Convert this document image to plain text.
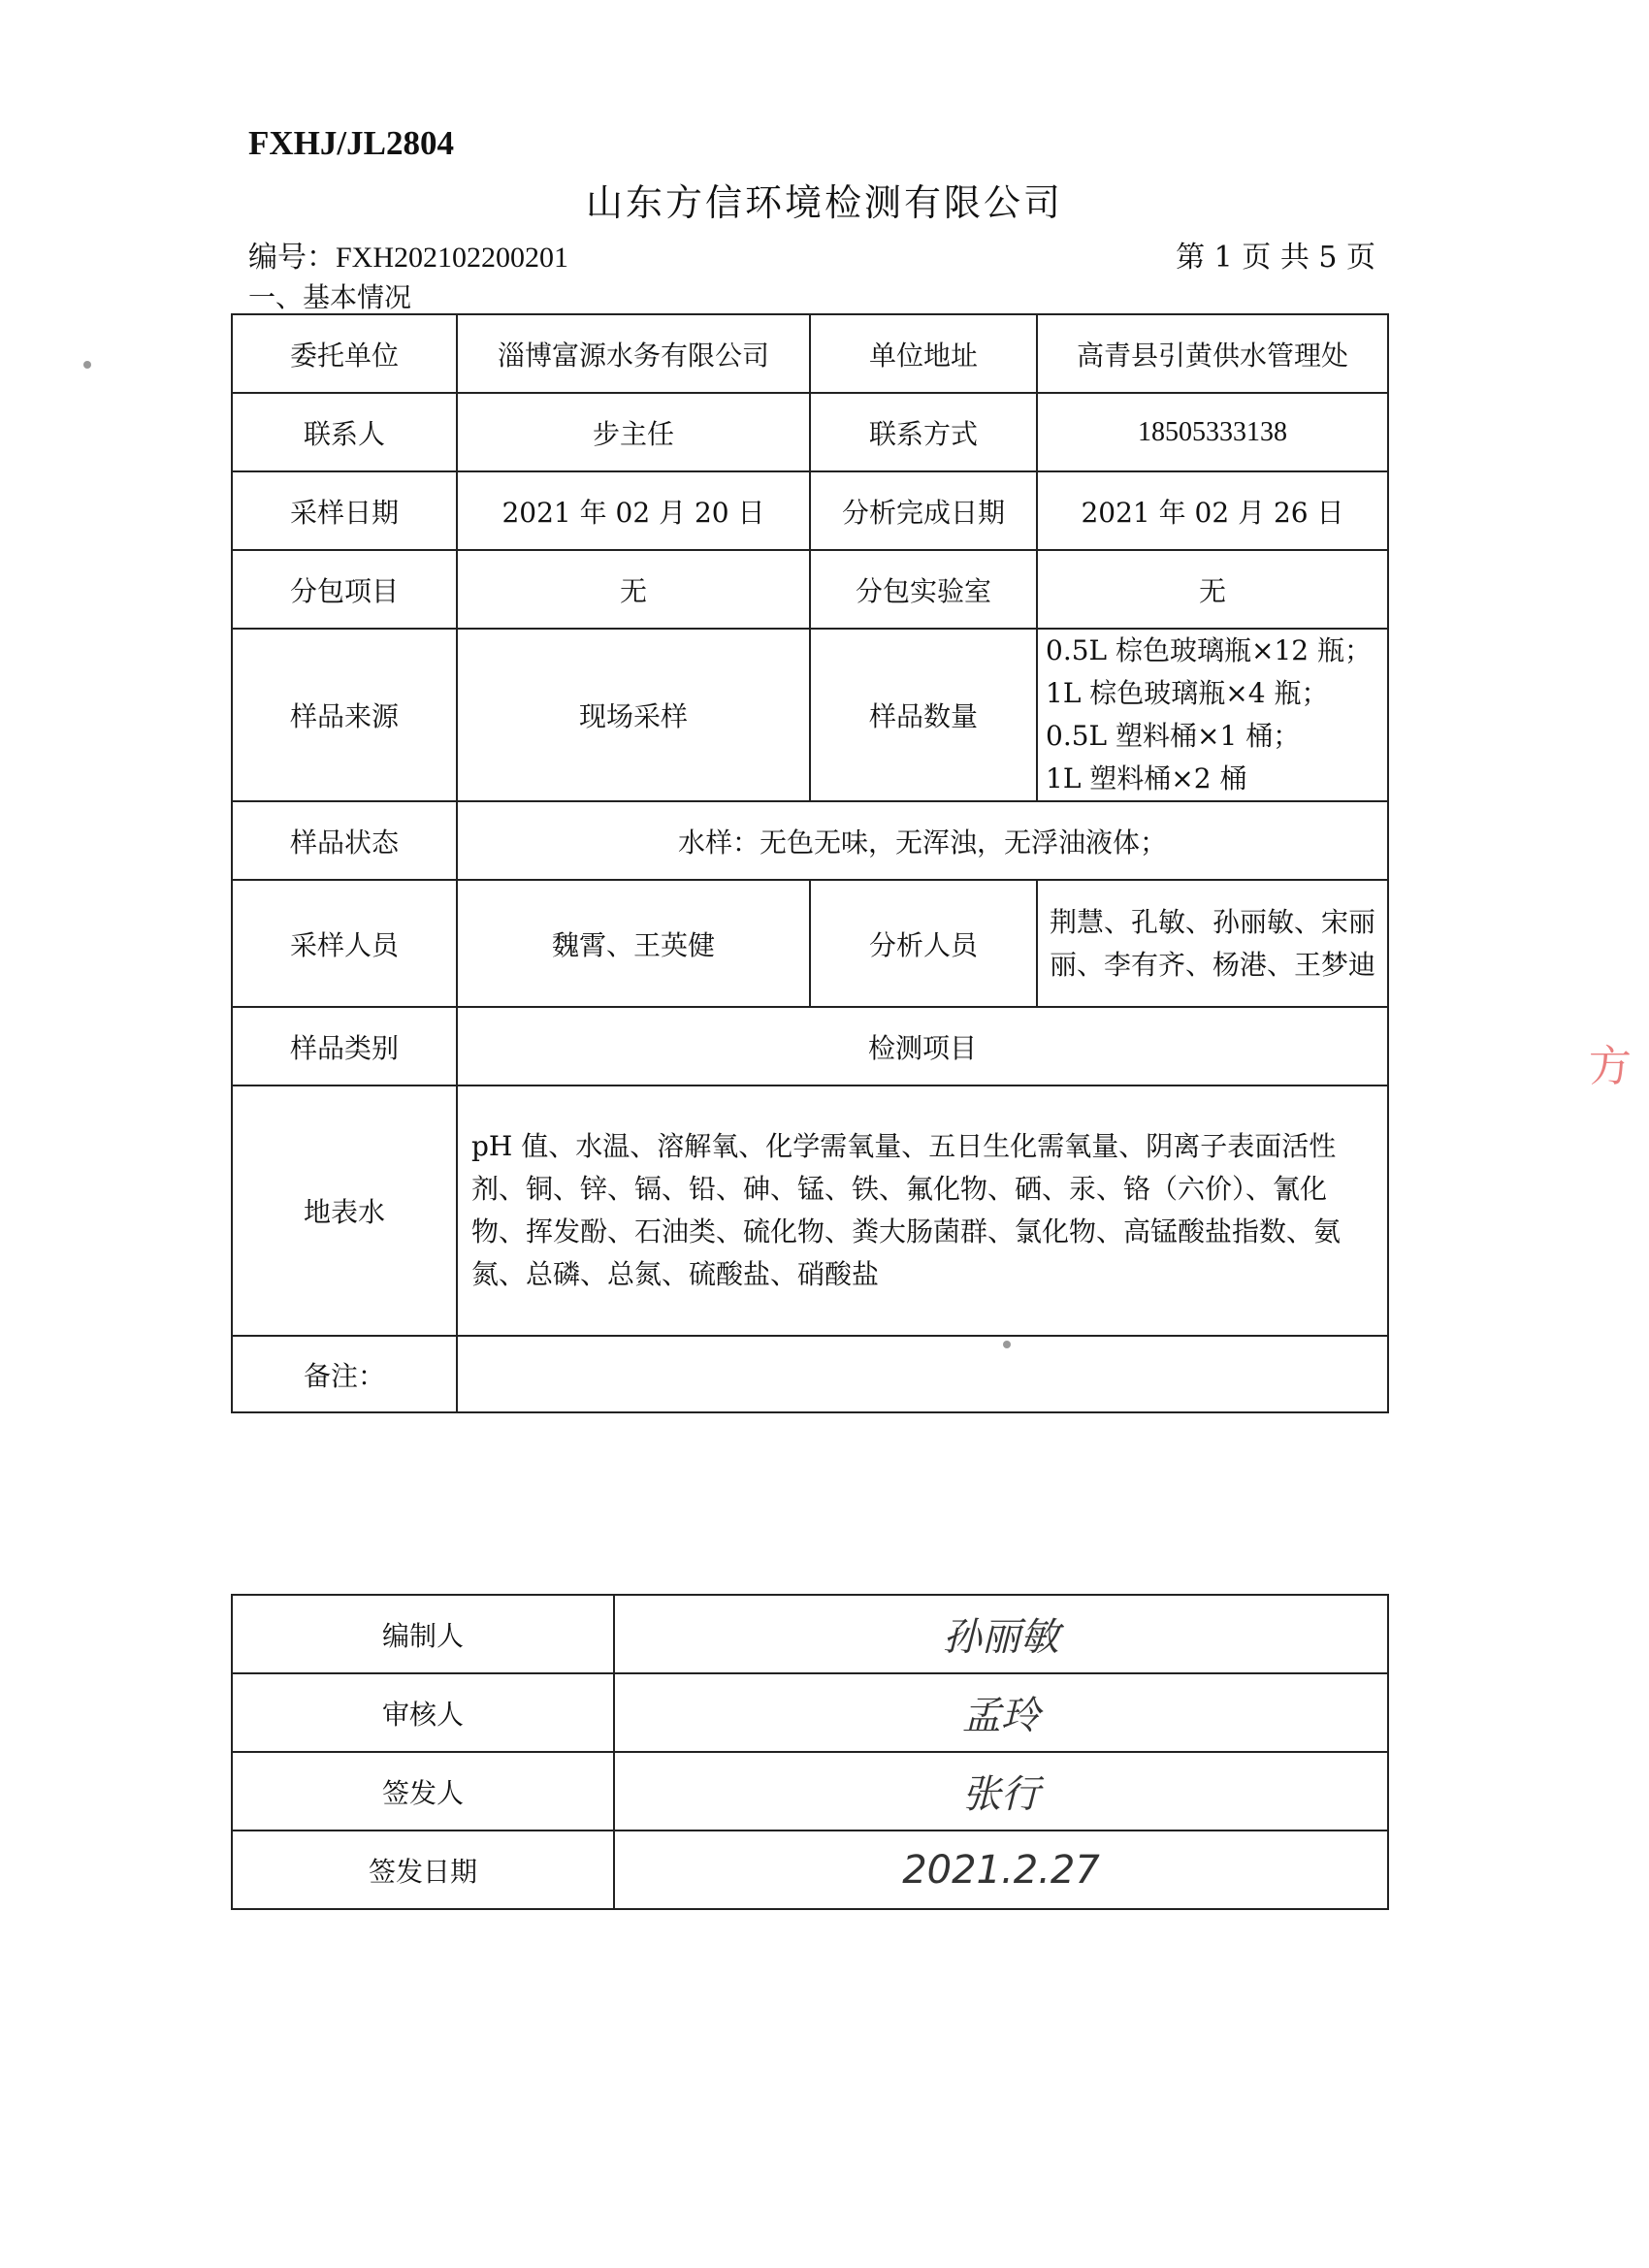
FXHJ/JL2804
山东方信环境检测有限公司
编号：FXH202102200201	第 1 页 共 5 页
一、基本情况
委托单位	淄博富源水务有限公司	单位地址	高青县引黄供水管理处
联系人	步主任	联系方式	18505333138
采样日期	2021 年 02 月 20 日	分析完成日期	2021 年 02 月 26 日
分包项目	无	分包实验室	无
样品来源	现场采样	样品数量	0.5L 棕色玻璃瓶×12 瓶；
1L 棕色玻璃瓶×4 瓶；
0.5L 塑料桶×1 桶；
1L 塑料桶×2 桶

样品状态	水样：无色无味，无浑浊，无浮油液体；		
采样人员	魏霄、王英健	分析人员	荆慧、孔敏、孙丽敏、宋丽丽、李有齐、杨港、王梦迪
样品类别	检测项目		
地表水	pH 值、水温、溶解氧、化学需氧量、五日生化需氧量、阴离子表面活性剂、铜、锌、镉、铅、砷、锰、铁、氟化物、硒、汞、铬（六价）、氰化物、挥发酚、石油类、硫化物、粪大肠菌群、氯化物、高锰酸盐指数、氨氮、总磷、总氮、硫酸盐、硝酸盐		
备注：			
编制人	孙丽敏
审核人	孟玲
签发人	张行
签发日期	2021.2.27
方
